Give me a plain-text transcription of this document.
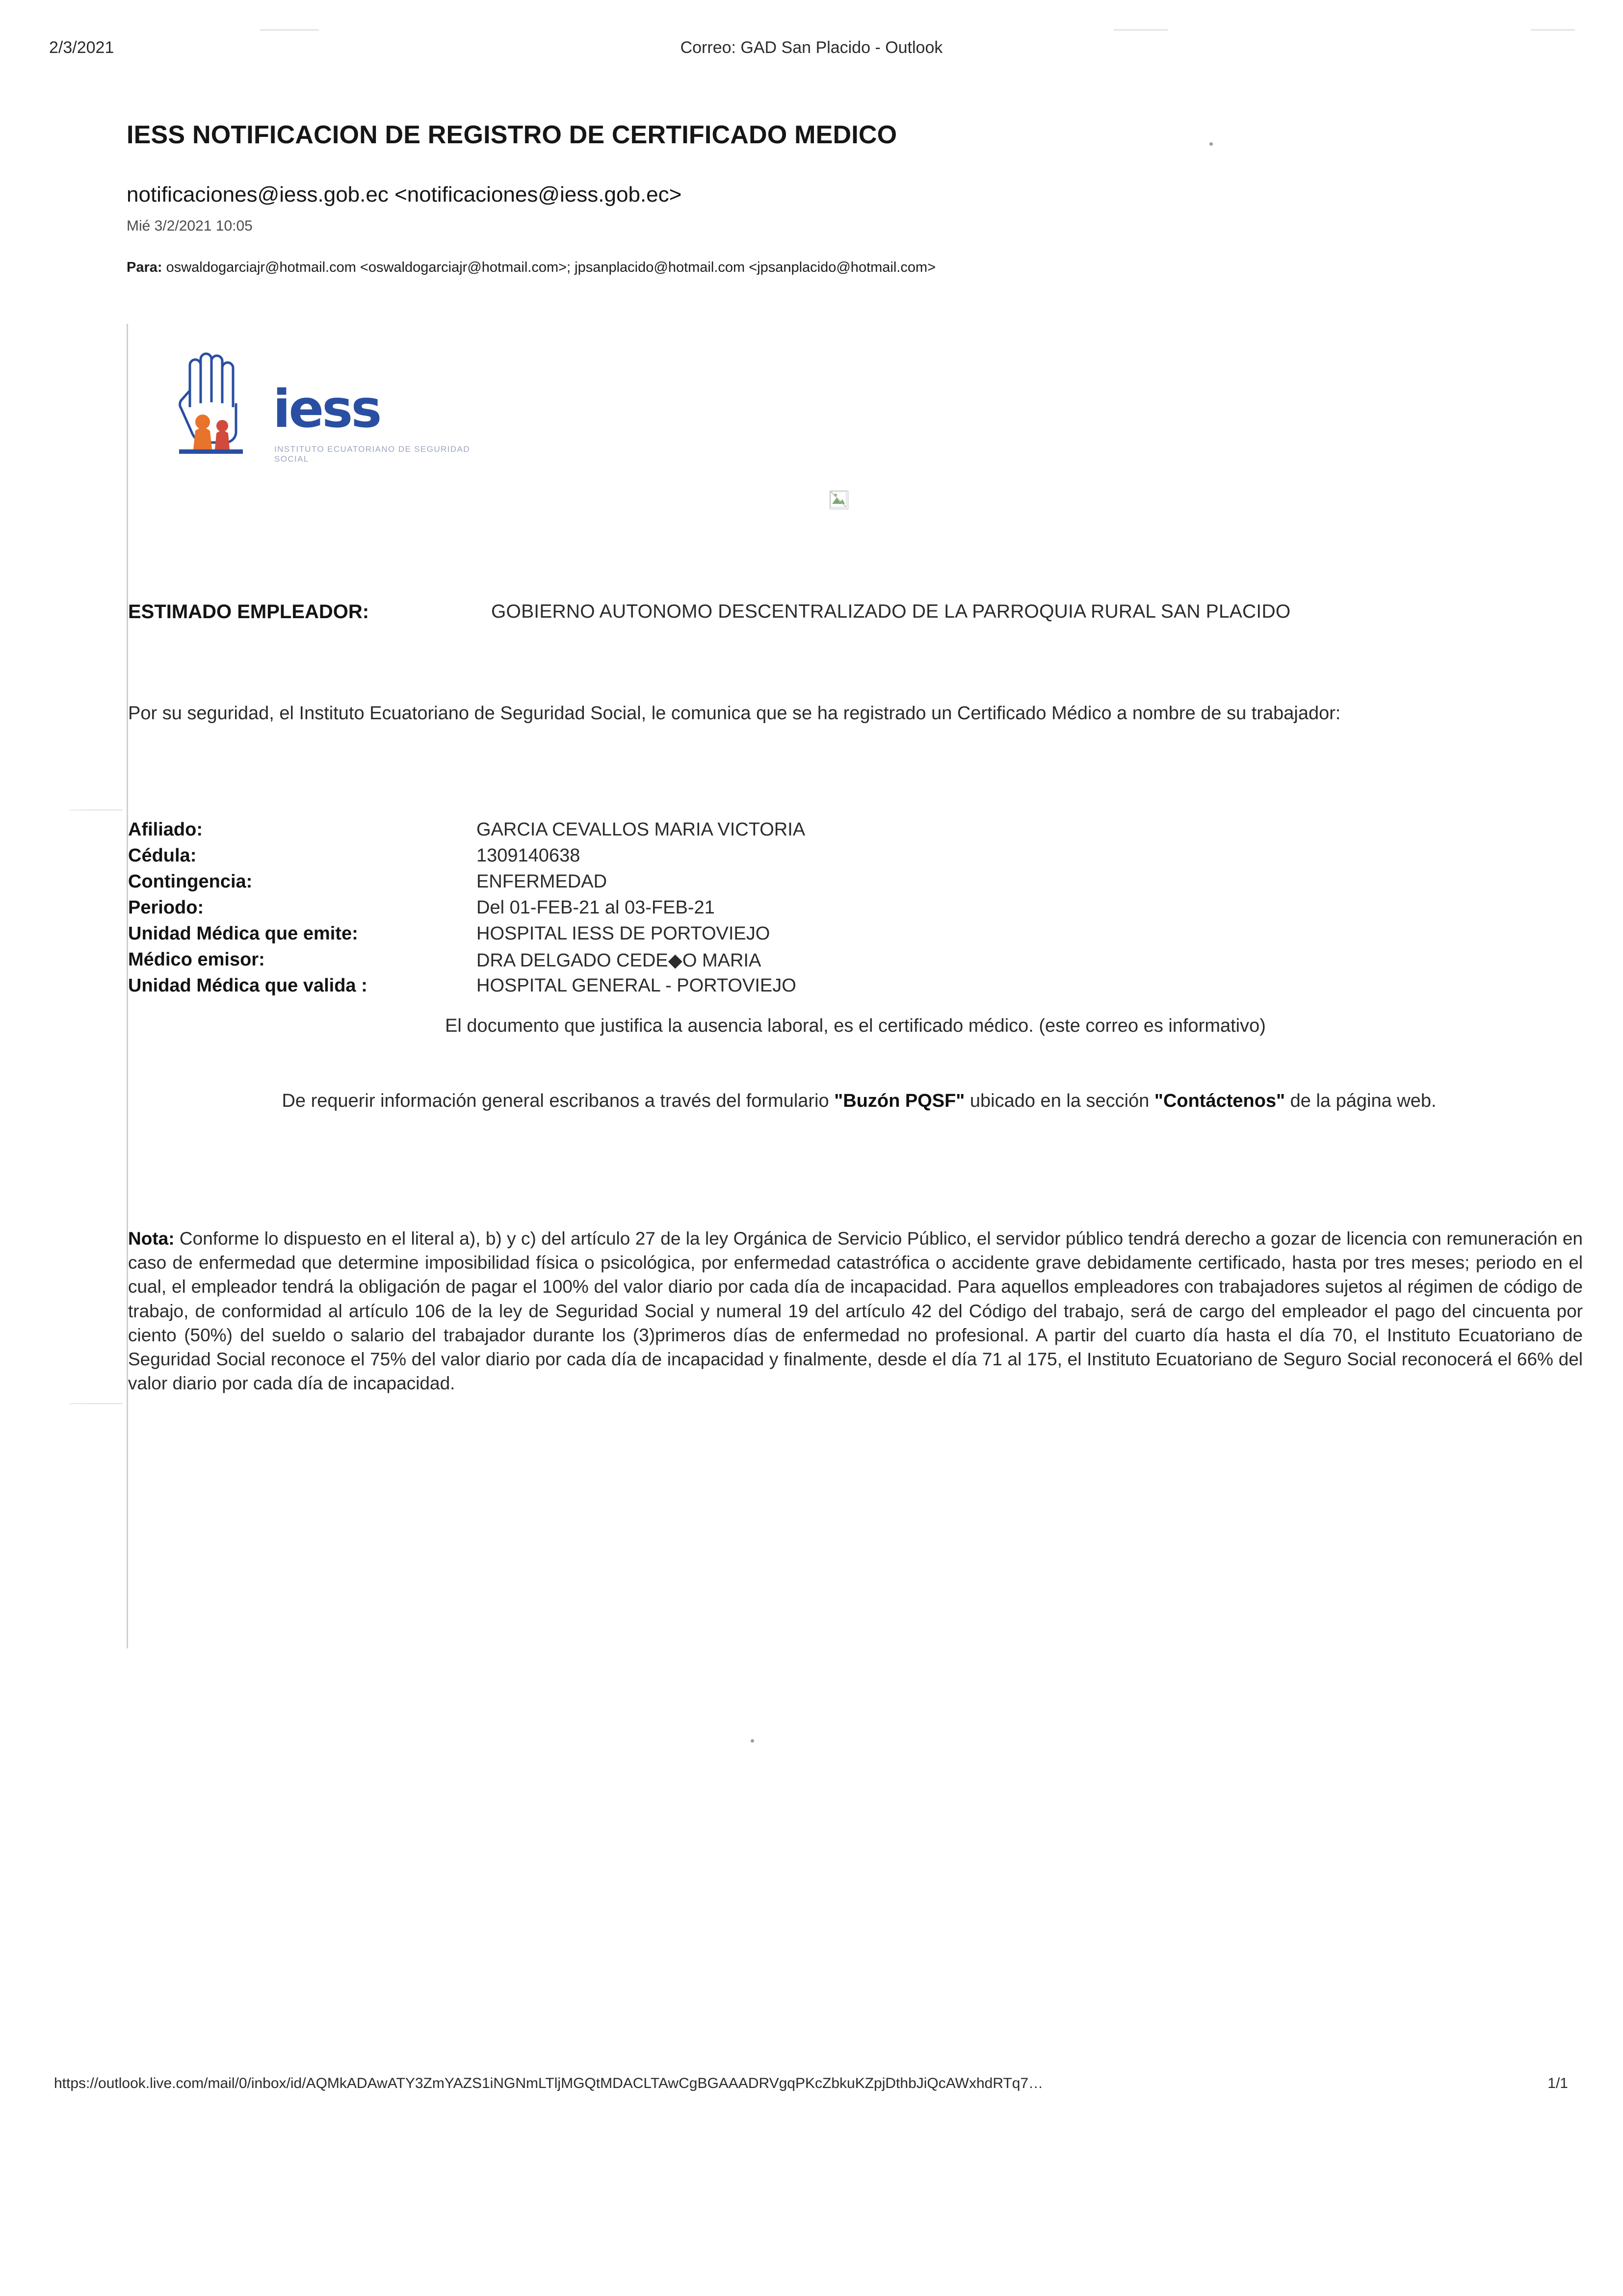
2/3/2021	Correo: GAD San Placido - Outlook
IESS NOTIFICACION DE REGISTRO DE CERTIFICADO MEDICO
notificaciones@iess.gob.ec <notificaciones@iess.gob.ec>
Mié 3/2/2021 10:05
Para: oswaldogarciajr@hotmail.com <oswaldogarciajr@hotmail.com>; jpsanplacido@hotmail.com <jpsanplacido@hotmail.com>
iess
INSTITUTO ECUATORIANO DE SEGURIDAD SOCIAL
ESTIMADO EMPLEADOR:	GOBIERNO AUTONOMO DESCENTRALIZADO DE LA PARROQUIA RURAL SAN PLACIDO
Por su seguridad, el Instituto Ecuatoriano de Seguridad Social, le comunica que se ha registrado un Certificado Médico a nombre de su trabajador:
Afiliado:	GARCIA CEVALLOS MARIA VICTORIA
Cédula:	1309140638
Contingencia:	ENFERMEDAD
Periodo:	Del 01-FEB-21 al 03-FEB-21
Unidad Médica que emite:	HOSPITAL IESS DE PORTOVIEJO
Médico emisor:	DRA DELGADO CEDE◆O MARIA
Unidad Médica que valida :	HOSPITAL GENERAL - PORTOVIEJO
El documento que justifica la ausencia laboral, es el certificado médico. (este correo es informativo)
De requerir información general escribanos a través del formulario "Buzón PQSF" ubicado en la sección "Contáctenos" de la página web.
Nota: Conforme lo dispuesto en el literal a), b) y c) del artículo 27 de la ley Orgánica de Servicio Público, el servidor público tendrá derecho a gozar de licencia con remuneración en caso de enfermedad que determine imposibilidad física o psicológica, por enfermedad catastrófica o accidente grave debidamente certificado, hasta por tres meses; periodo en el cual, el empleador tendrá la obligación de pagar el 100% del valor diario por cada día de incapacidad. Para aquellos empleadores con trabajadores sujetos al régimen de código de trabajo, de conformidad al artículo 106 de la ley de Seguridad Social y numeral 19 del artículo 42 del Código del trabajo, será de cargo del empleador el pago del cincuenta por ciento (50%) del sueldo o salario del trabajador durante los (3)primeros días de enfermedad no profesional. A partir del cuarto día hasta el día 70, el Instituto Ecuatoriano de Seguridad Social reconoce el 75% del valor diario por cada día de incapacidad y finalmente, desde el día 71 al 175, el Instituto Ecuatoriano de Seguro Social reconocerá el 66% del valor diario por cada día de incapacidad.
https://outlook.live.com/mail/0/inbox/id/AQMkADAwATY3ZmYAZS1iNGNmLTljMGQtMDACLTAwCgBGAAADRVgqPKcZbkuKZpjDthbJiQcAWxhdRTq7…	1/1
